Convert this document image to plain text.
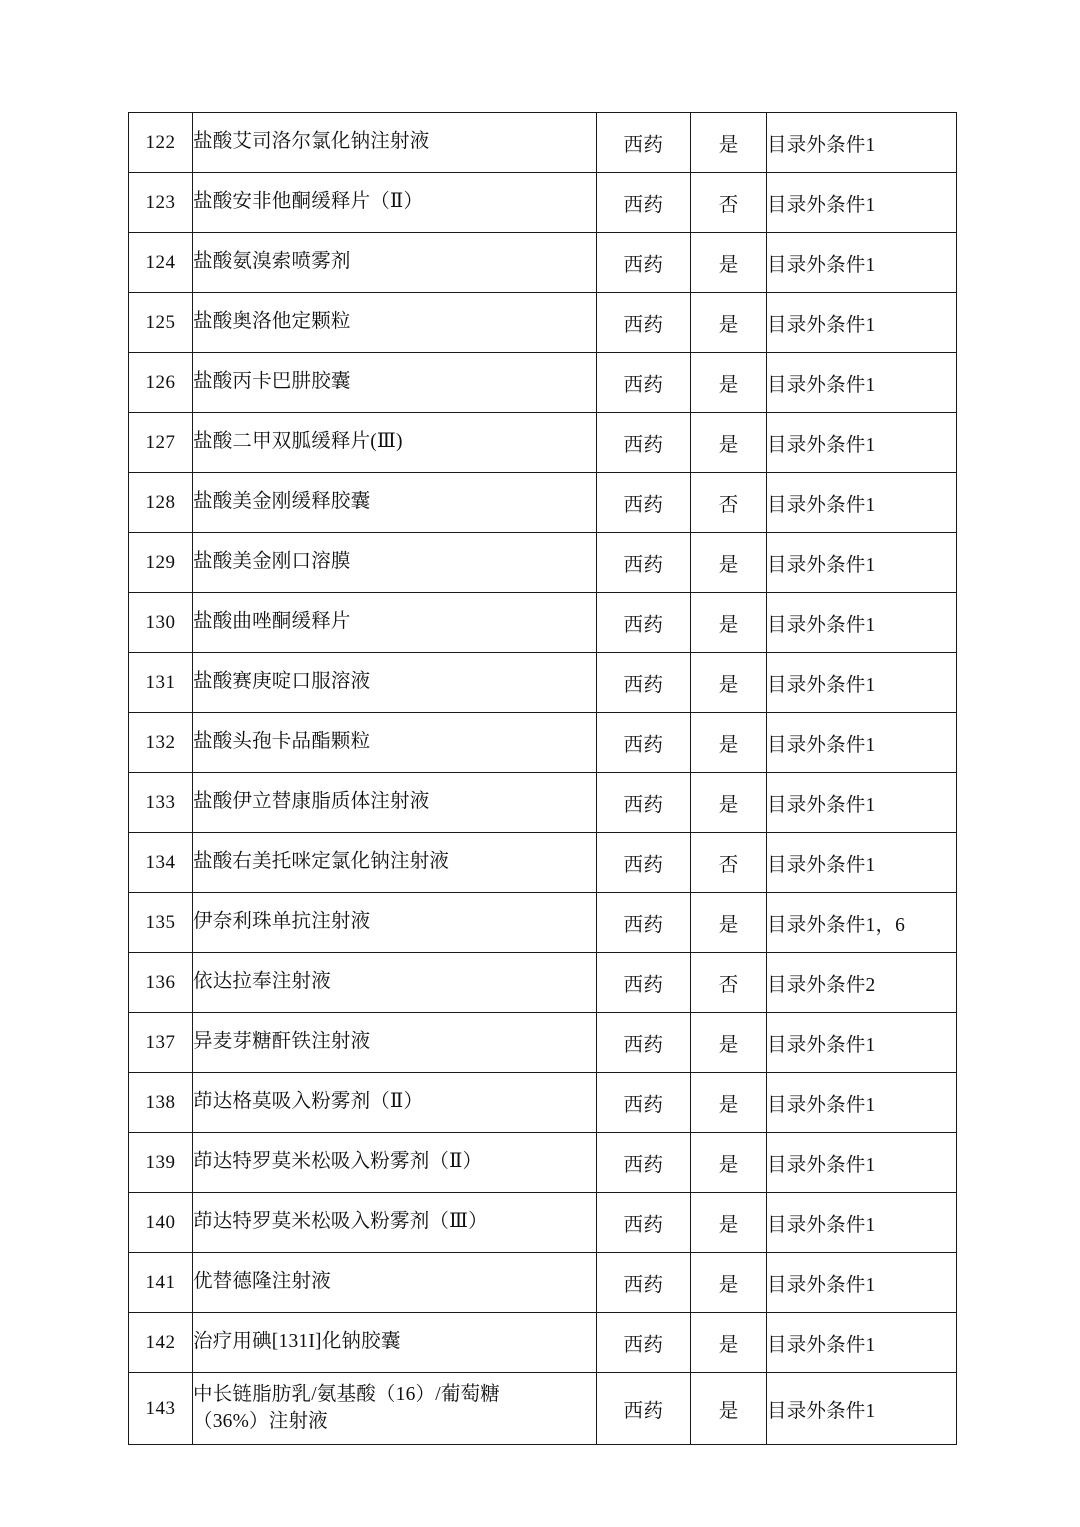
122	盐酸艾司洛尔氯化钠注射液	西药	是	目录外条件1
123	盐酸安非他酮缓释片（Ⅱ）	西药	否	目录外条件1
124	盐酸氨溴索喷雾剂	西药	是	目录外条件1
125	盐酸奥洛他定颗粒	西药	是	目录外条件1
126	盐酸丙卡巴肼胶囊	西药	是	目录外条件1
127	盐酸二甲双胍缓释片(Ⅲ)	西药	是	目录外条件1
128	盐酸美金刚缓释胶囊	西药	否	目录外条件1
129	盐酸美金刚口溶膜	西药	是	目录外条件1
130	盐酸曲唑酮缓释片	西药	是	目录外条件1
131	盐酸赛庚啶口服溶液	西药	是	目录外条件1
132	盐酸头孢卡品酯颗粒	西药	是	目录外条件1
133	盐酸伊立替康脂质体注射液	西药	是	目录外条件1
134	盐酸右美托咪定氯化钠注射液	西药	否	目录外条件1
135	伊奈利珠单抗注射液	西药	是	目录外条件1，6
136	依达拉奉注射液	西药	否	目录外条件2
137	异麦芽糖酐铁注射液	西药	是	目录外条件1
138	茚达格莫吸入粉雾剂（Ⅱ）	西药	是	目录外条件1
139	茚达特罗莫米松吸入粉雾剂（Ⅱ）	西药	是	目录外条件1
140	茚达特罗莫米松吸入粉雾剂（Ⅲ）	西药	是	目录外条件1
141	优替德隆注射液	西药	是	目录外条件1
142	治疗用碘[131I]化钠胶囊	西药	是	目录外条件1
143	中长链脂肪乳/氨基酸（16）/葡萄糖
（36%）注射液	西药	是	目录外条件1
